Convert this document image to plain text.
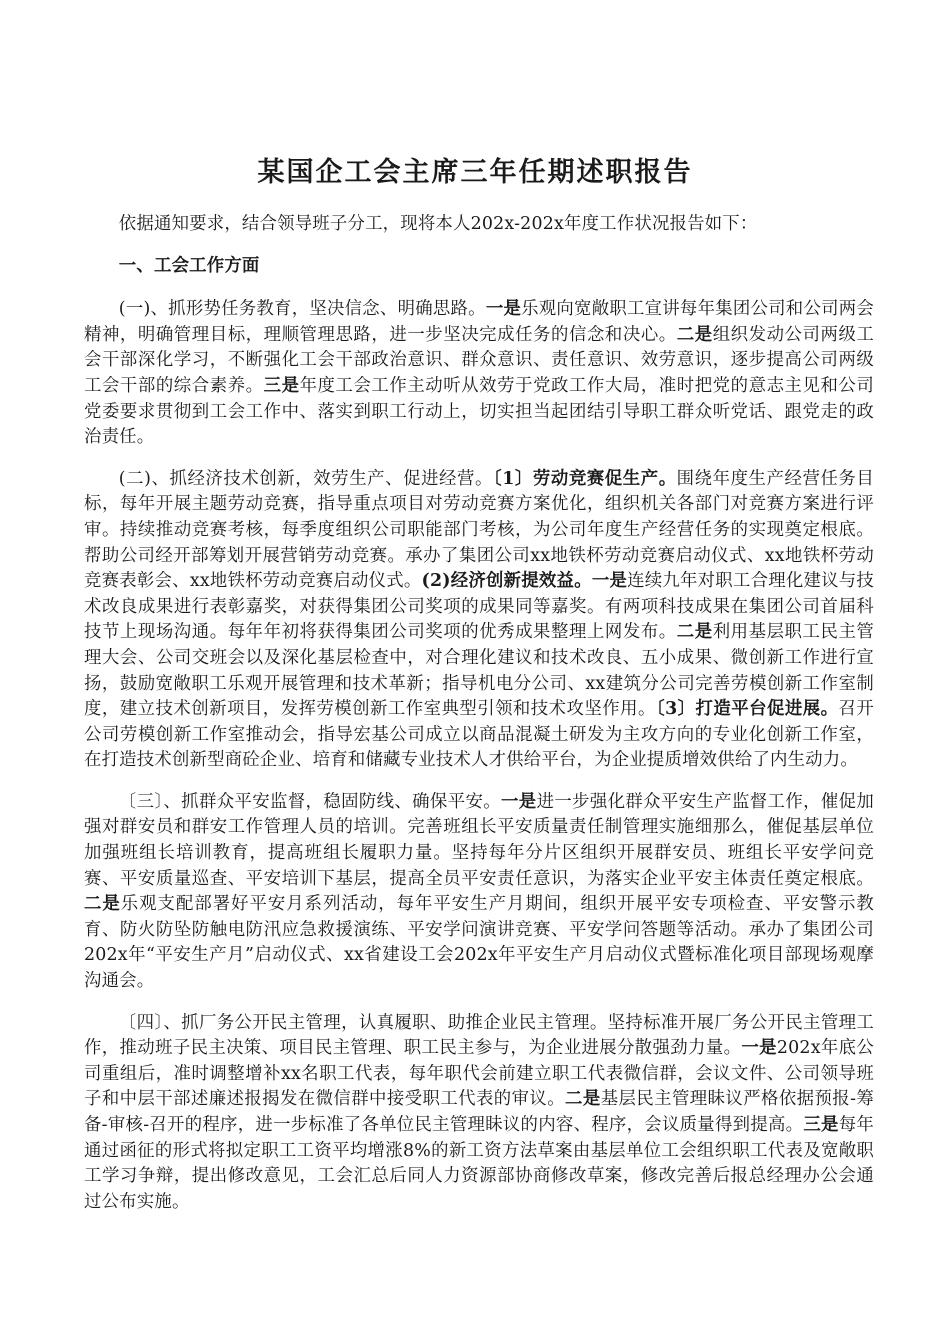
某国企工会主席三年任期述职报告

依据通知要求，结合领导班子分工，现将本人202x-202x年度工作状况报告如下：

一、工会工作方面

(一)、抓形势任务教育，坚决信念、明确思路。一是乐观向宽敞职工宣讲每年集团公司和公司两会精神，明确管理目标，理顺管理思路，进一步坚决完成任务的信念和决心。二是组织发动公司两级工会干部深化学习，不断强化工会干部政治意识、群众意识、责任意识、效劳意识，逐步提高公司两级工会干部的综合素养。三是年度工会工作主动听从效劳于党政工作大局，准时把党的意志主见和公司党委要求贯彻到工会工作中、落实到职工行动上，切实担当起团结引导职工群众听党话、跟党走的政治责任。

(二)、抓经济技术创新，效劳生产、促进经营。〔1〕劳动竞赛促生产。围绕年度生产经营任务目标，每年开展主题劳动竞赛，指导重点项目对劳动竞赛方案优化，组织机关各部门对竞赛方案进行评审。持续推动竞赛考核，每季度组织公司职能部门考核，为公司年度生产经营任务的实现奠定根底。帮助公司经开部筹划开展营销劳动竞赛。承办了集团公司xx地铁杯劳动竞赛启动仪式、xx地铁杯劳动竞赛表彰会、xx地铁杯劳动竞赛启动仪式。(2)经济创新提效益。一是连续九年对职工合理化建议与技术改良成果进行表彰嘉奖，对获得集团公司奖项的成果同等嘉奖。有两项科技成果在集团公司首届科技节上现场沟通。每年年初将获得集团公司奖项的优秀成果整理上网发布。二是利用基层职工民主管理大会、公司交班会以及深化基层检查中，对合理化建议和技术改良、五小成果、微创新工作进行宣扬，鼓励宽敞职工乐观开展管理和技术革新；指导机电分公司、xx建筑分公司完善劳模创新工作室制度，建立技术创新项目，发挥劳模创新工作室典型引领和技术攻坚作用。〔3〕打造平台促进展。召开公司劳模创新工作室推动会，指导宏基公司成立以商品混凝土研发为主攻方向的专业化创新工作室，在打造技术创新型商砼企业、培育和储藏专业技术人才供给平台，为企业提质增效供给了内生动力。

〔三〕、抓群众平安监督，稳固防线、确保平安。一是进一步强化群众平安生产监督工作，催促加强对群安员和群安工作管理人员的培训。完善班组长平安质量责任制管理实施细那么，催促基层单位加强班组长培训教育，提高班组长履职力量。坚持每年分片区组织开展群安员、班组长平安学问竞赛、平安质量巡查、平安培训下基层，提高全员平安责任意识，为落实企业平安主体责任奠定根底。二是乐观支配部署好平安月系列活动，每年平安生产月期间，组织开展平安专项检查、平安警示教育、防火防坠防触电防汛应急救援演练、平安学问演讲竞赛、平安学问答题等活动。承办了集团公司202x年“平安生产月”启动仪式、xx省建设工会202x年平安生产月启动仪式暨标准化项目部现场观摩沟通会。

〔四〕、抓厂务公开民主管理，认真履职、助推企业民主管理。坚持标准开展厂务公开民主管理工作，推动班子民主决策、项目民主管理、职工民主参与，为企业进展分散强劲力量。一是202x年底公司重组后，准时调整增补xx名职工代表，每年职代会前建立职工代表微信群，会议文件、公司领导班子和中层干部述廉述报揭发在微信群中接受职工代表的审议。二是基层民主管理眛议严格依据预报-筹备-审核-召开的程序，进一步标准了各单位民主管理眛议的内容、程序，会议质量得到提高。三是每年通过函征的形式将拟定职工工资平均增涨8%的新工资方法草案由基层单位工会组织职工代表及宽敞职工学习争辩，提出修改意见，工会汇总后同人力资源部协商修改草案，修改完善后报总经理办公会通过公布实施。
